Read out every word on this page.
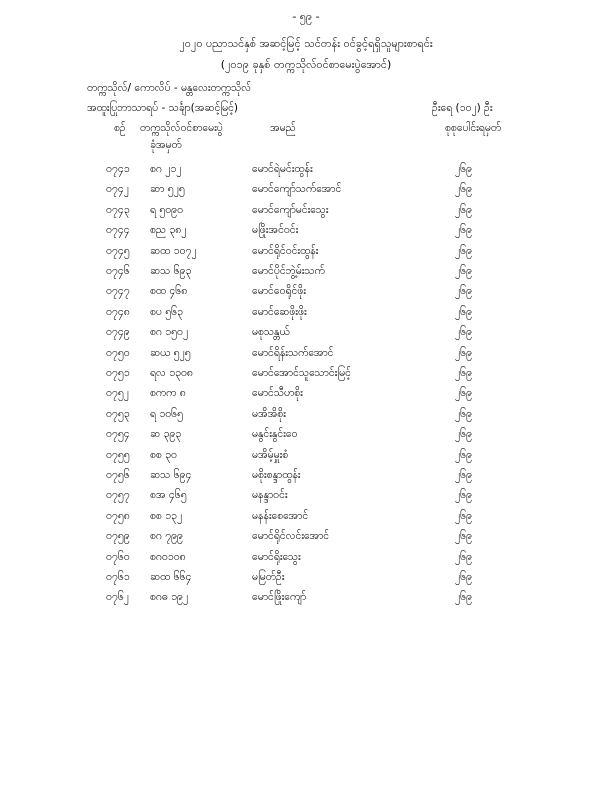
- ၅၉ -
၂၀၂၀ ပညာသင်နှစ် အဆင့်မြင့် သင်တန်း ဝင်ခွင့်ရရှိသူများစာရင်း
(၂၀၁၉ ခုနှစ် တက္ကသိုလ်ဝင်စာမေးပွဲအောင်)
တက္ကသိုလ်/ ကောလိပ် - မန္တလေးတက္ကသိုလ်
အထူးပြုဘာသာရပ် - သင်္ချာ(အဆင့်မြင့်)	ဦးရေ (၁၀၂) ဦး
စဉ် တက္ကသိုလ်ဝင်စာမေးပွဲ
ခုံအမှတ်
အမည်	စုစုပေါင်းရမှတ်
၀၇၄၁ စဂ ၂၁၂	မောင်ရဲမင်းထွန်း	၂၆၉
၀၇၄၂ ဆာ ၅၂၅	မောင်ကျော်သက်အောင်	၂၆၉
၀၇၄၃ ရ ၅၀၉၀	မောင်ကျော်မင်းသွေး	၂၆၉
၀၇၄၄ စည ၃၈၂	မဖြိုးအင်ဝင်း	၂၆၉
၀၇၄၅ ဆထ ၁၀၇၂	မောင်ရိုင်ဝင်းထွန်း	၂၆၉
၀၇၄၆ ဆသ ၆၉၃	မောင်ပိုင်ဘွဲ့မ်းသက်	၂၆၉
၀၇၄၇ စထ ၄၆၈	မောင်ဝေရိုင်ဖိုး	၂၆၉
၀၇၄၈ စပ ၅၆၃	မောင်ဆေဖိုးဖိုး	၂၆၉
၀၇၄၉ စဂ ၁၅၀၂	မစုသန္တယ်	၂၆၉
၀၇၅၀ ဆယ ၅၂၅	မောင်ရိန်းသက်အောင်	၂၆၉
၀၇၅၁ ရလ ၁၃၀၈	မောင်အောင်သူသောင်းမြင့်	၂၆၉
၀၇၅၂ စကက ၈	မောင်သီဟစိုး	၂၆၉
၀၇၅၃ ရ ၁၀၆၅	မအိအိစိုး	၂၆၉
၀၇၅၄ ဆ ၃၉၃	မနွင်းနွင်းဝေ	၂၆၉
၀၇၅၅ စစ ၃၀	မအိမ့်မှူးစံ	၂၆၉
၀၇၅၆ ဆသ ၆၉၄	မစိုးစန္ဒာထွန်း	၂၆၉
၀၇၅၇ စအ ၄၆၅	မနန္ဒာဝင်း	၂၆၉
၀၇၅၈ စစ ၁၃၂	မနန်းစေအောင်	၂၆၉
၀၇၅၉ စဂ ၇၉၉	မောင်ရိုင်လင်းအောင်	၂၆၉
၀၇၆၀ စဂ၀၁၀၈	မောင်ရိုးသွေး	၂၆၉
၀၇၆၁ ဆထ ၆၆၄	မမြတ်ဦး	၂၆၉
၀၇၆၂ စဂဓ ၁၉၂	မောင်ဖြိုးကျော်	၂၆၉
